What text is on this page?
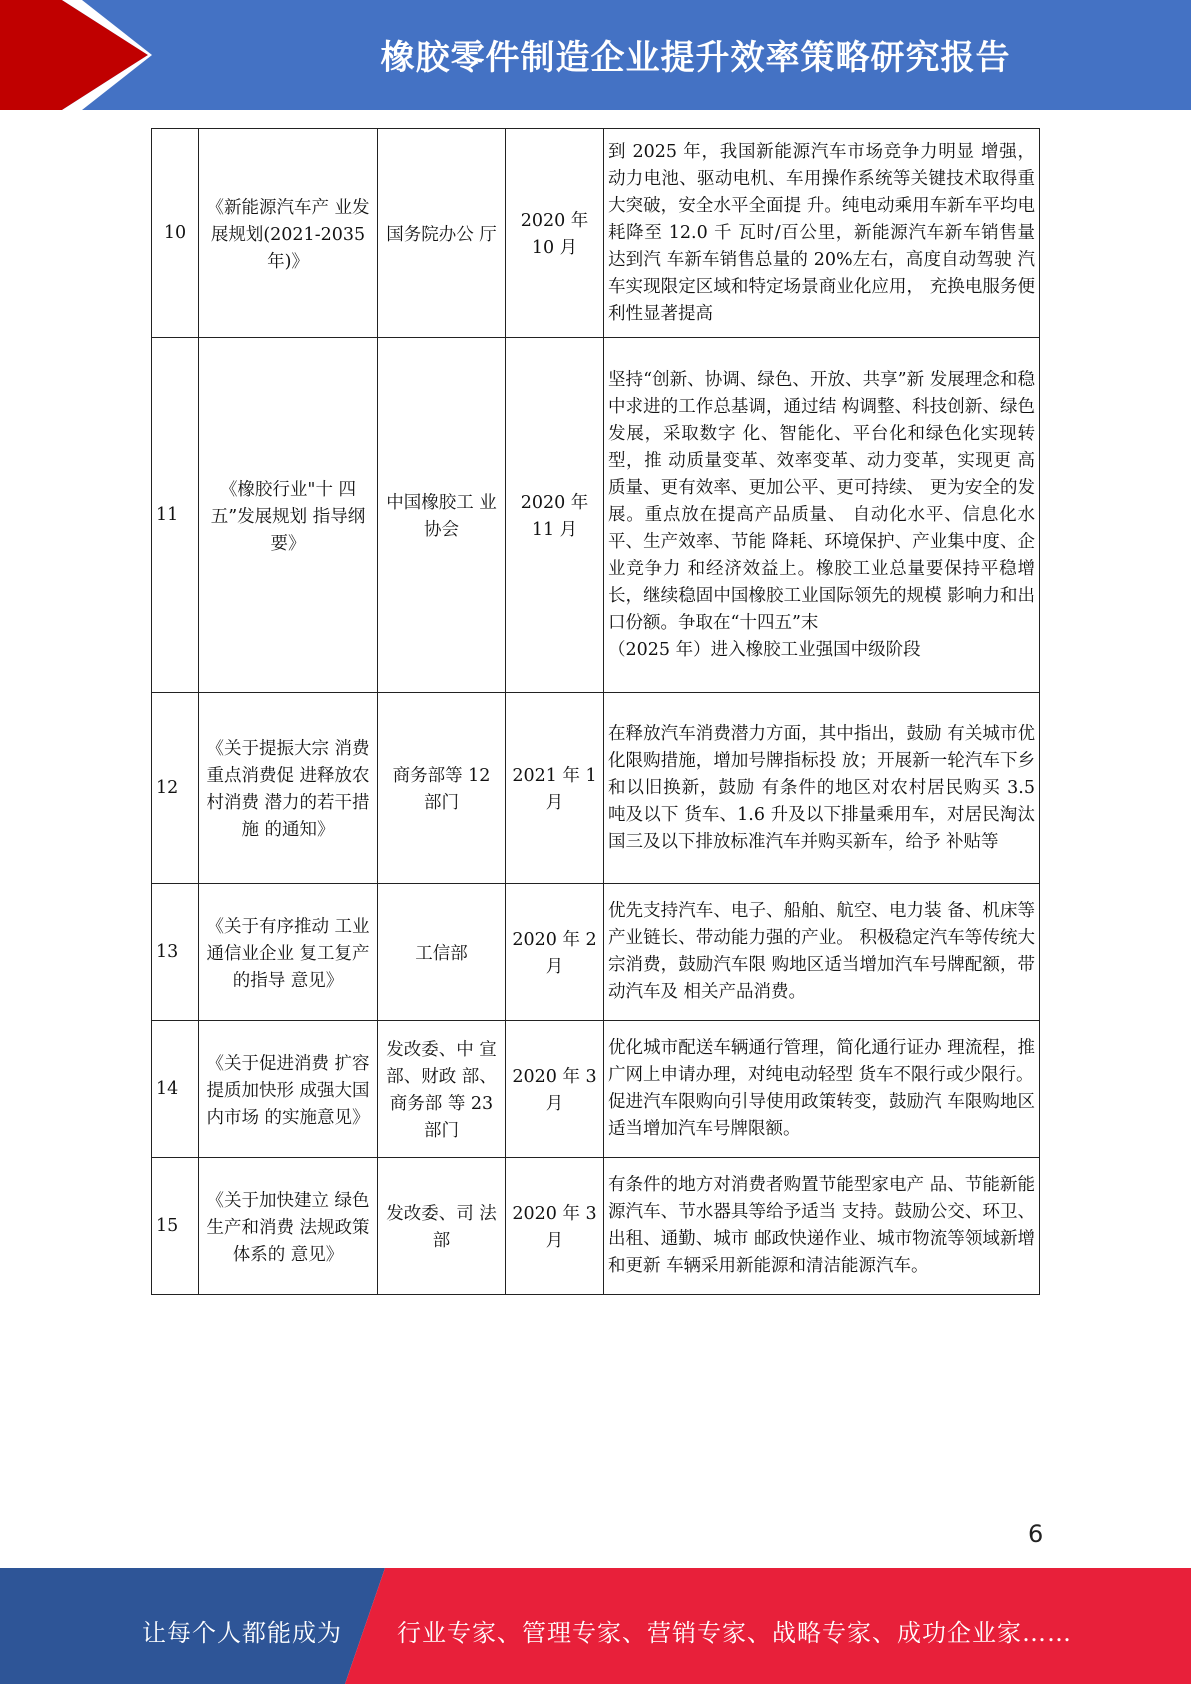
橡胶零件制造企业提升效率策略研究报告
10	《新能源汽车产 业发展规划(2021-2035 年)》	国务院办公 厅	2020 年 10 月	到 2025 年，我国新能源汽车市场竞争力明显 增强，动力电池、驱动电机、车用操作系统等关键技术取得重大突破，安全水平全面提 升。纯电动乘用车新车平均电耗降至 12.0 千 瓦时/百公里，新能源汽车新车销售量达到汽 车新车销售总量的 20%左右，高度自动驾驶 汽车实现限定区域和特定场景商业化应用， 充换电服务便利性显著提高
11	《橡胶行业"十 四五”发展规划 指导纲要》	中国橡胶工 业协会	2020 年 11 月	坚持“创新、协调、绿色、开放、共享”新 发展理念和稳中求进的工作总基调，通过结 构调整、科技创新、绿色发展，采取数字 化、智能化、平台化和绿色化实现转型，推 动质量变革、效率变革、动力变革，实现更 高质量、更有效率、更加公平、更可持续、 更为安全的发展。重点放在提高产品质量、 自动化水平、信息化水平、生产效率、节能 降耗、环境保护、产业集中度、企业竞争力 和经济效益上。橡胶工业总量要保持平稳增长，继续稳固中国橡胶工业国际领先的规模 影响力和出口份额。争取在“十四五”末
（2025 年）进入橡胶工业强国中级阶段
12	《关于提振大宗 消费重点消费促 进释放农村消费 潜力的若干措施 的通知》	商务部等 12 部门	2021 年 1 月	在释放汽车消费潜力方面，其中指出，鼓励 有关城市优化限购措施，增加号牌指标投 放；开展新一轮汽车下乡和以旧换新，鼓励 有条件的地区对农村居民购买 3.5 吨及以下 货车、1.6 升及以下排量乘用车，对居民淘汰 国三及以下排放标准汽车并购买新车，给予 补贴等
13	《关于有序推动 工业通信业企业 复工复产的指导 意见》	工信部	2020 年 2 月	优先支持汽车、电子、船舶、航空、电力装 备、机床等产业链长、带动能力强的产业。 积极稳定汽车等传统大宗消费，鼓励汽车限 购地区适当增加汽车号牌配额，带动汽车及 相关产品消费。
14	《关于促进消费 扩容提质加快形 成强大国内市场 的实施意见》	发改委、中 宣部、财政 部、商务部 等 23 部门	2020 年 3 月	优化城市配送车辆通行管理，简化通行证办 理流程，推广网上申请办理，对纯电动轻型 货车不限行或少限行。
促进汽车限购向引导使用政策转变，鼓励汽 车限购地区适当增加汽车号牌限额。
15	《关于加快建立 绿色生产和消费 法规政策体系的 意见》	发改委、司 法部	2020 年 3 月	有条件的地方对消费者购置节能型家电产 品、节能新能源汽车、节水器具等给予适当 支持。鼓励公交、环卫、出租、通勤、城市 邮政快递作业、城市物流等领域新增和更新 车辆采用新能源和清洁能源汽车。
6
让每个人都能成为 行业专家、管理专家、营销专家、战略专家、成功企业家……
